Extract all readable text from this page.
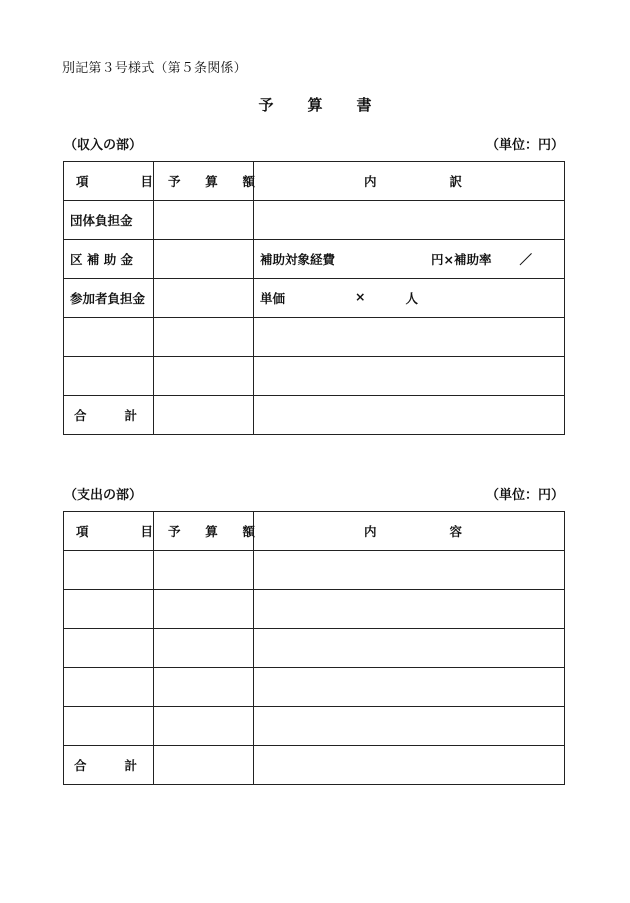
別記第３号様式（第５条関係）
予 算 書
（収入の部）	（単位：円）
項 目	予 算 額	内 訳

団体負担金		
区 補 助 金		補助対象経費 円×補助率 ／

参加者負担金		単価 × 人

合 計		

（支出の部）	（単位：円）
項 目	予 算 額	内 容

合 計		
